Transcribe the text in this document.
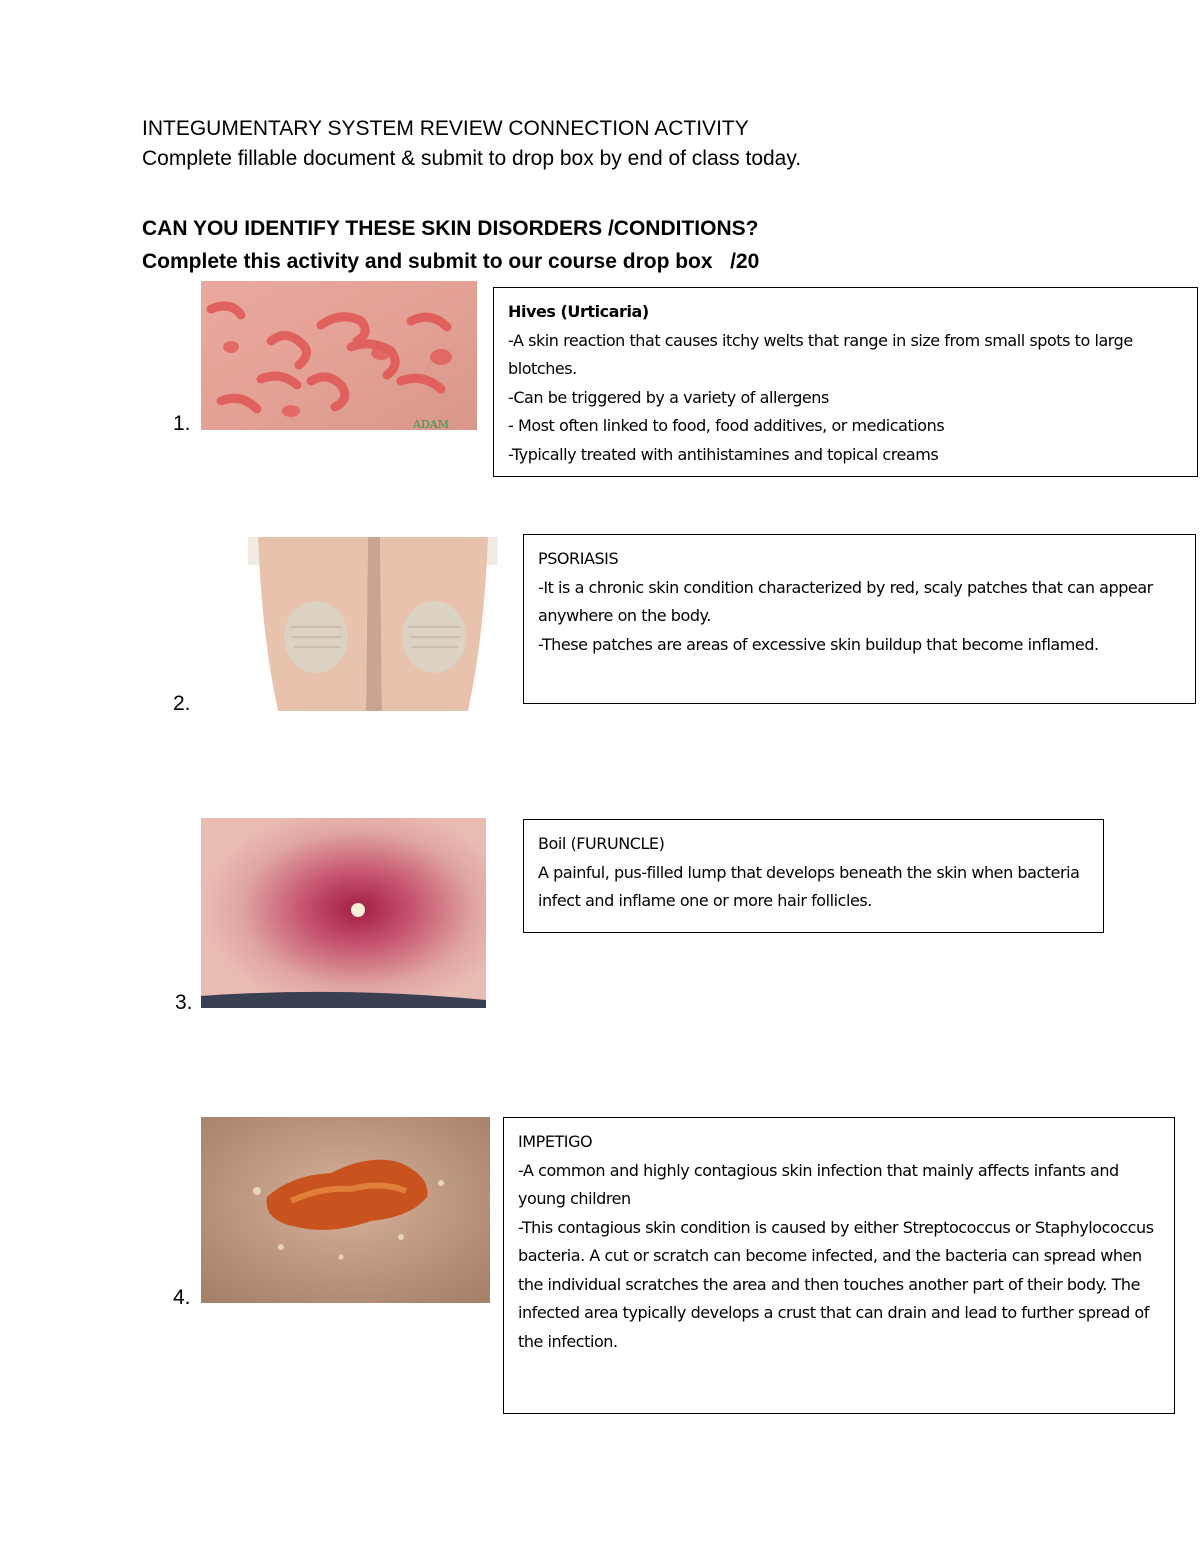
INTEGUMENTARY SYSTEM REVIEW CONNECTION ACTIVITY
Complete fillable document & submit to drop box by end of class today.
CAN YOU IDENTIFY THESE SKIN DISORDERS /CONDITIONS?
Complete this activity and submit to our course drop box   /20
1.	ADAM
Hives (Urticaria)
-A skin reaction that causes itchy welts that range in size from small spots to large blotches.
-Can be triggered by a variety of allergens
- Most often linked to food, food additives, or medications
-Typically treated with antihistamines and topical creams
2.
PSORIASIS
-It is a chronic skin condition characterized by red, scaly patches that can appear anywhere on the body.
-These patches are areas of excessive skin buildup that become inflamed.
3.
Boil (FURUNCLE)
A painful, pus-filled lump that develops beneath the skin when bacteria infect and inflame one or more hair follicles.
4.
IMPETIGO
-A common and highly contagious skin infection that mainly affects infants and young children
-This contagious skin condition is caused by either Streptococcus or Staphylococcus bacteria. A cut or scratch can become infected, and the bacteria can spread when the individual scratches the area and then touches another part of their body. The infected area typically develops a crust that can drain and lead to further spread of the infection.
